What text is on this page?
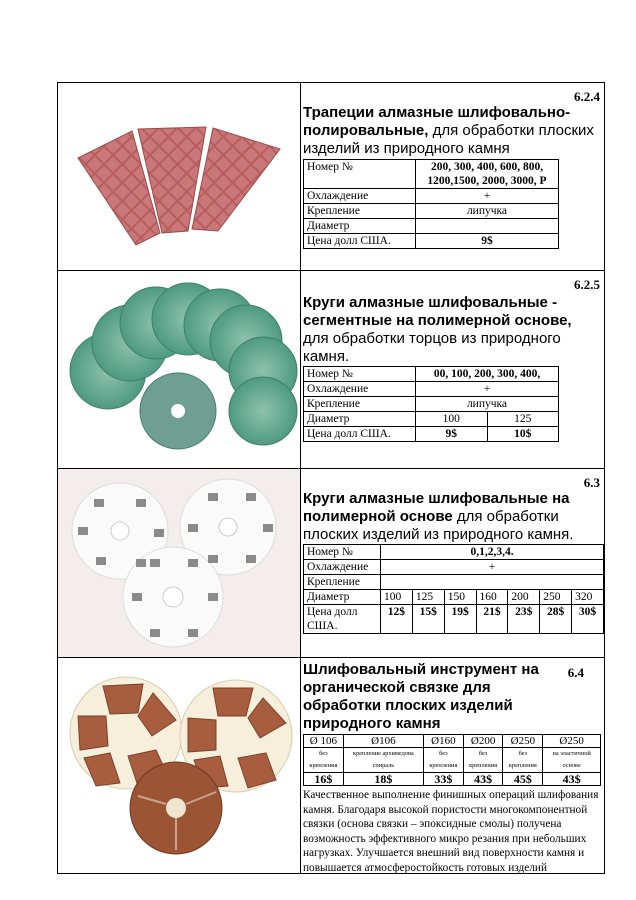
6.2.4
Трапеции алмазные шлифовально-полировальные, для обработки плоских изделий из природного камня
Номер №	200, 300, 400, 600, 800, 1200,1500, 2000, 3000, P
Охлаждение	+
Крепление	липучка
Диаметр	
Цена долл США.	9$
6.2.5
Круги алмазные шлифовальные - сегментные на полимерной основе, для обработки торцов из природного камня.
Номер №	00, 100, 200, 300, 400,	
Охлаждение	+	
Крепление	липучка	
Диаметр	100	125
Цена долл США.	9$	10$
6.3
Круги алмазные шлифовальные на полимерной основе для обработки плоских изделий из природного камня.
Номер №	0,1,2,3,4.						
Охлаждение	+						
Крепление							
Диаметр	100	125	150	160	200	250	320
Цена долл США.	12$	15$	19$	21$	23$	28$	30$
6.4
Шлифовальный инструмент на органической связке для обработки плоских изделий природного камня
Ø 106	Ø106	Ø160	Ø200	Ø250	Ø250
без крепления	крепление архимедова спираль	без крепления	без крепления	без крепления	на эластичной основе
16$	18$	33$	43$	45$	43$
Качественное выполнение финишных операций шлифования камня. Благодаря высокой пористости многокомпонентной связки (основа связки – эпоксидные смолы) получена возможность эффективного микро резания при небольших нагрузках. Улучшается внешний вид поверхности камня и повышается атмосферостойкость готовых изделий
